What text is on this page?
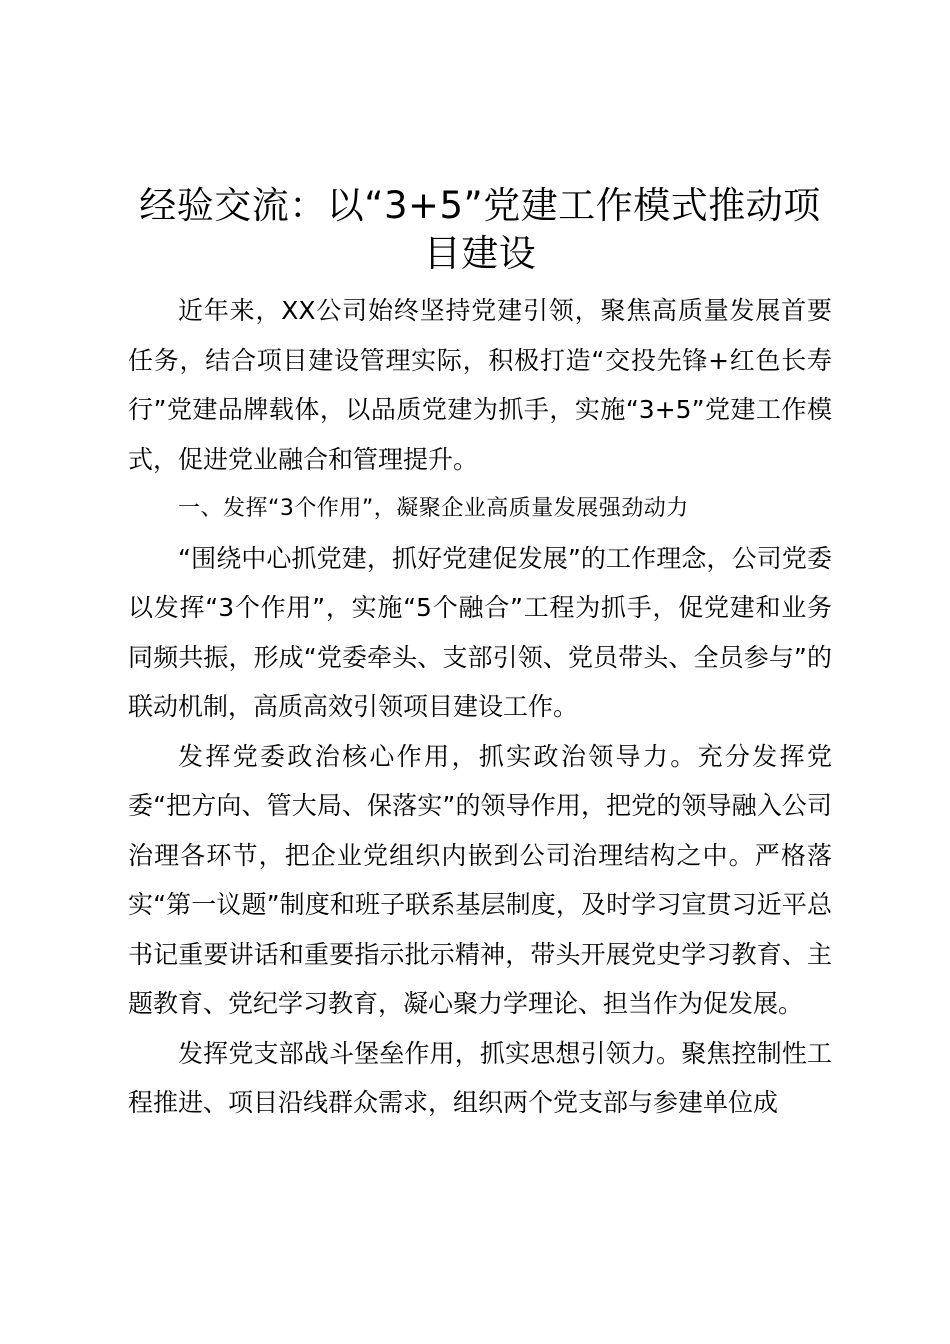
经验交流：以“3+5”党建工作模式推动项目建设

近年来，XX公司始终坚持党建引领，聚焦高质量发展首要任务，结合项目建设管理实际，积极打造“交投先锋+红色长寿行”党建品牌载体，以品质党建为抓手，实施“3+5”党建工作模式，促进党业融合和管理提升。

一、发挥“3个作用”，凝聚企业高质量发展强劲动力

“围绕中心抓党建，抓好党建促发展”的工作理念，公司党委以发挥“3个作用”，实施“5个融合”工程为抓手，促党建和业务同频共振，形成“党委牵头、支部引领、党员带头、全员参与”的联动机制，高质高效引领项目建设工作。

发挥党委政治核心作用，抓实政治领导力。充分发挥党委“把方向、管大局、保落实”的领导作用，把党的领导融入公司治理各环节，把企业党组织内嵌到公司治理结构之中。严格落实“第一议题”制度和班子联系基层制度，及时学习宣贯习近平总书记重要讲话和重要指示批示精神，带头开展党史学习教育、主题教育、党纪学习教育，凝心聚力学理论、担当作为促发展。

发挥党支部战斗堡垒作用，抓实思想引领力。聚焦控制性工程推进、项目沿线群众需求，组织两个党支部与参建单位成
